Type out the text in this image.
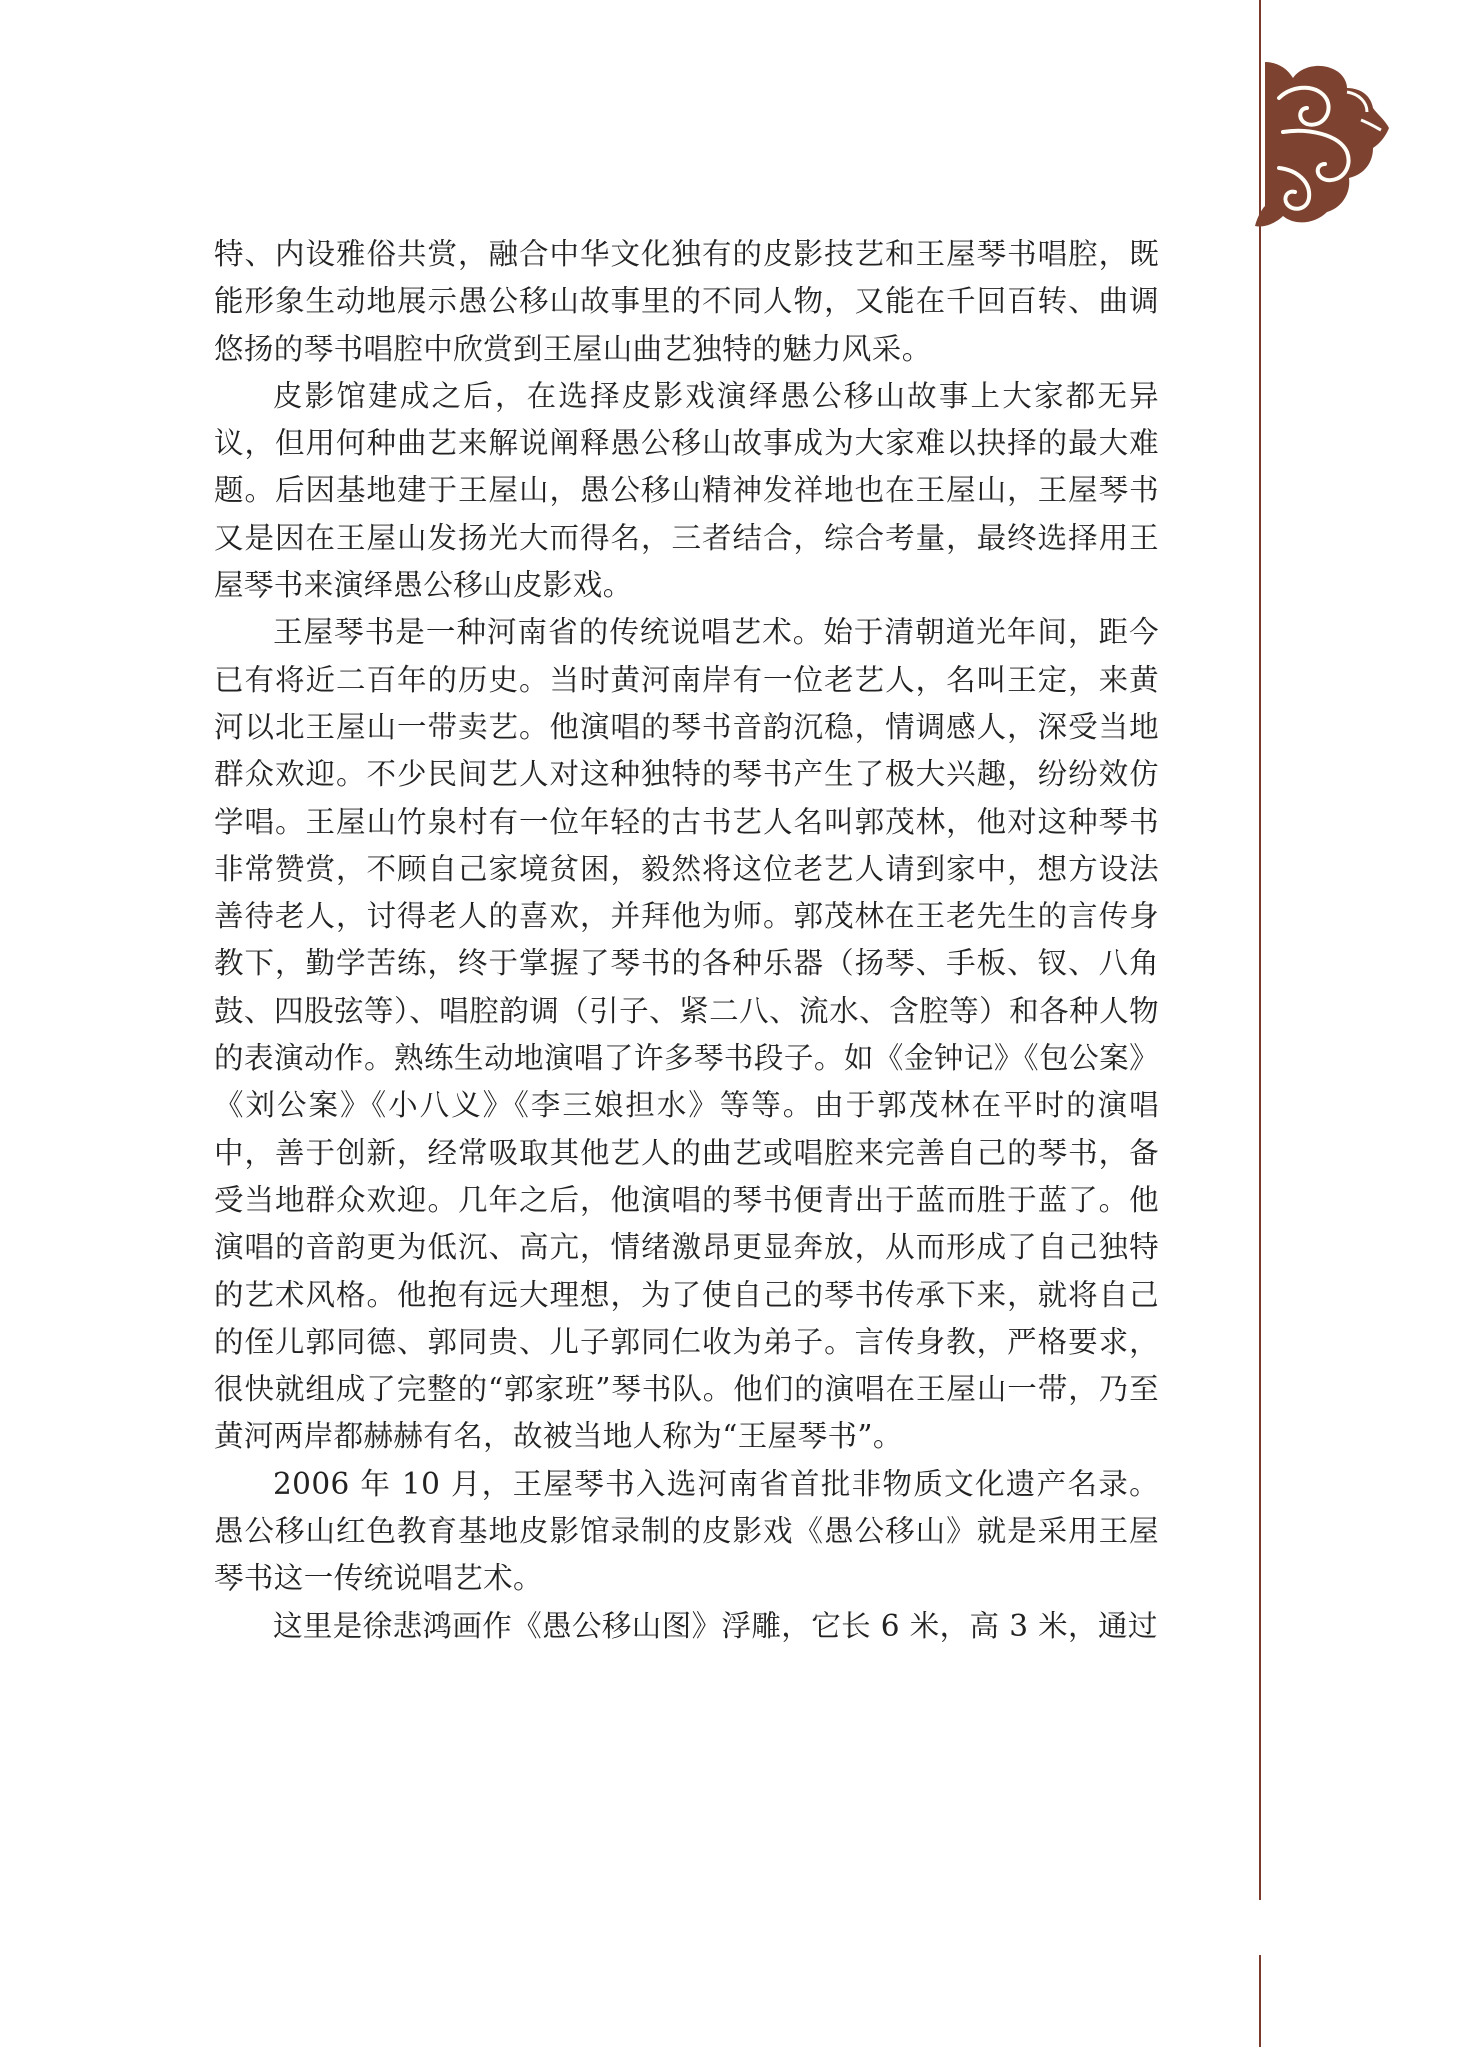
特、内设雅俗共赏，融合中华文化独有的皮影技艺和王屋琴书唱腔，既能形象生动地展示愚公移山故事里的不同人物，又能在千回百转、曲调悠扬的琴书唱腔中欣赏到王屋山曲艺独特的魅力风采。

皮影馆建成之后，在选择皮影戏演绎愚公移山故事上大家都无异议，但用何种曲艺来解说阐释愚公移山故事成为大家难以抉择的最大难题。后因基地建于王屋山，愚公移山精神发祥地也在王屋山，王屋琴书又是因在王屋山发扬光大而得名，三者结合，综合考量，最终选择用王屋琴书来演绎愚公移山皮影戏。

王屋琴书是一种河南省的传统说唱艺术。始于清朝道光年间，距今已有将近二百年的历史。当时黄河南岸有一位老艺人，名叫王定，来黄河以北王屋山一带卖艺。他演唱的琴书音韵沉稳，情调感人，深受当地群众欢迎。不少民间艺人对这种独特的琴书产生了极大兴趣，纷纷效仿学唱。王屋山竹泉村有一位年轻的古书艺人名叫郭茂林，他对这种琴书非常赞赏，不顾自己家境贫困，毅然将这位老艺人请到家中，想方设法善待老人，讨得老人的喜欢，并拜他为师。郭茂林在王老先生的言传身教下，勤学苦练，终于掌握了琴书的各种乐器（扬琴、手板、钗、八角鼓、四股弦等）、唱腔韵调（引子、紧二八、流水、含腔等）和各种人物的表演动作。熟练生动地演唱了许多琴书段子。如《金钟记》《包公案》《刘公案》《小八义》《李三娘担水》等等。由于郭茂林在平时的演唱中，善于创新，经常吸取其他艺人的曲艺或唱腔来完善自己的琴书，备受当地群众欢迎。几年之后，他演唱的琴书便青出于蓝而胜于蓝了。他演唱的音韵更为低沉、高亢，情绪激昂更显奔放，从而形成了自己独特的艺术风格。他抱有远大理想，为了使自己的琴书传承下来，就将自己的侄儿郭同德、郭同贵、儿子郭同仁收为弟子。言传身教，严格要求，很快就组成了完整的“郭家班”琴书队。他们的演唱在王屋山一带，乃至黄河两岸都赫赫有名，故被当地人称为“王屋琴书”。

2006 年 10 月，王屋琴书入选河南省首批非物质文化遗产名录。愚公移山红色教育基地皮影馆录制的皮影戏《愚公移山》就是采用王屋琴书这一传统说唱艺术。

这里是徐悲鸿画作《愚公移山图》浮雕，它长 6 米，高 3 米，通过
